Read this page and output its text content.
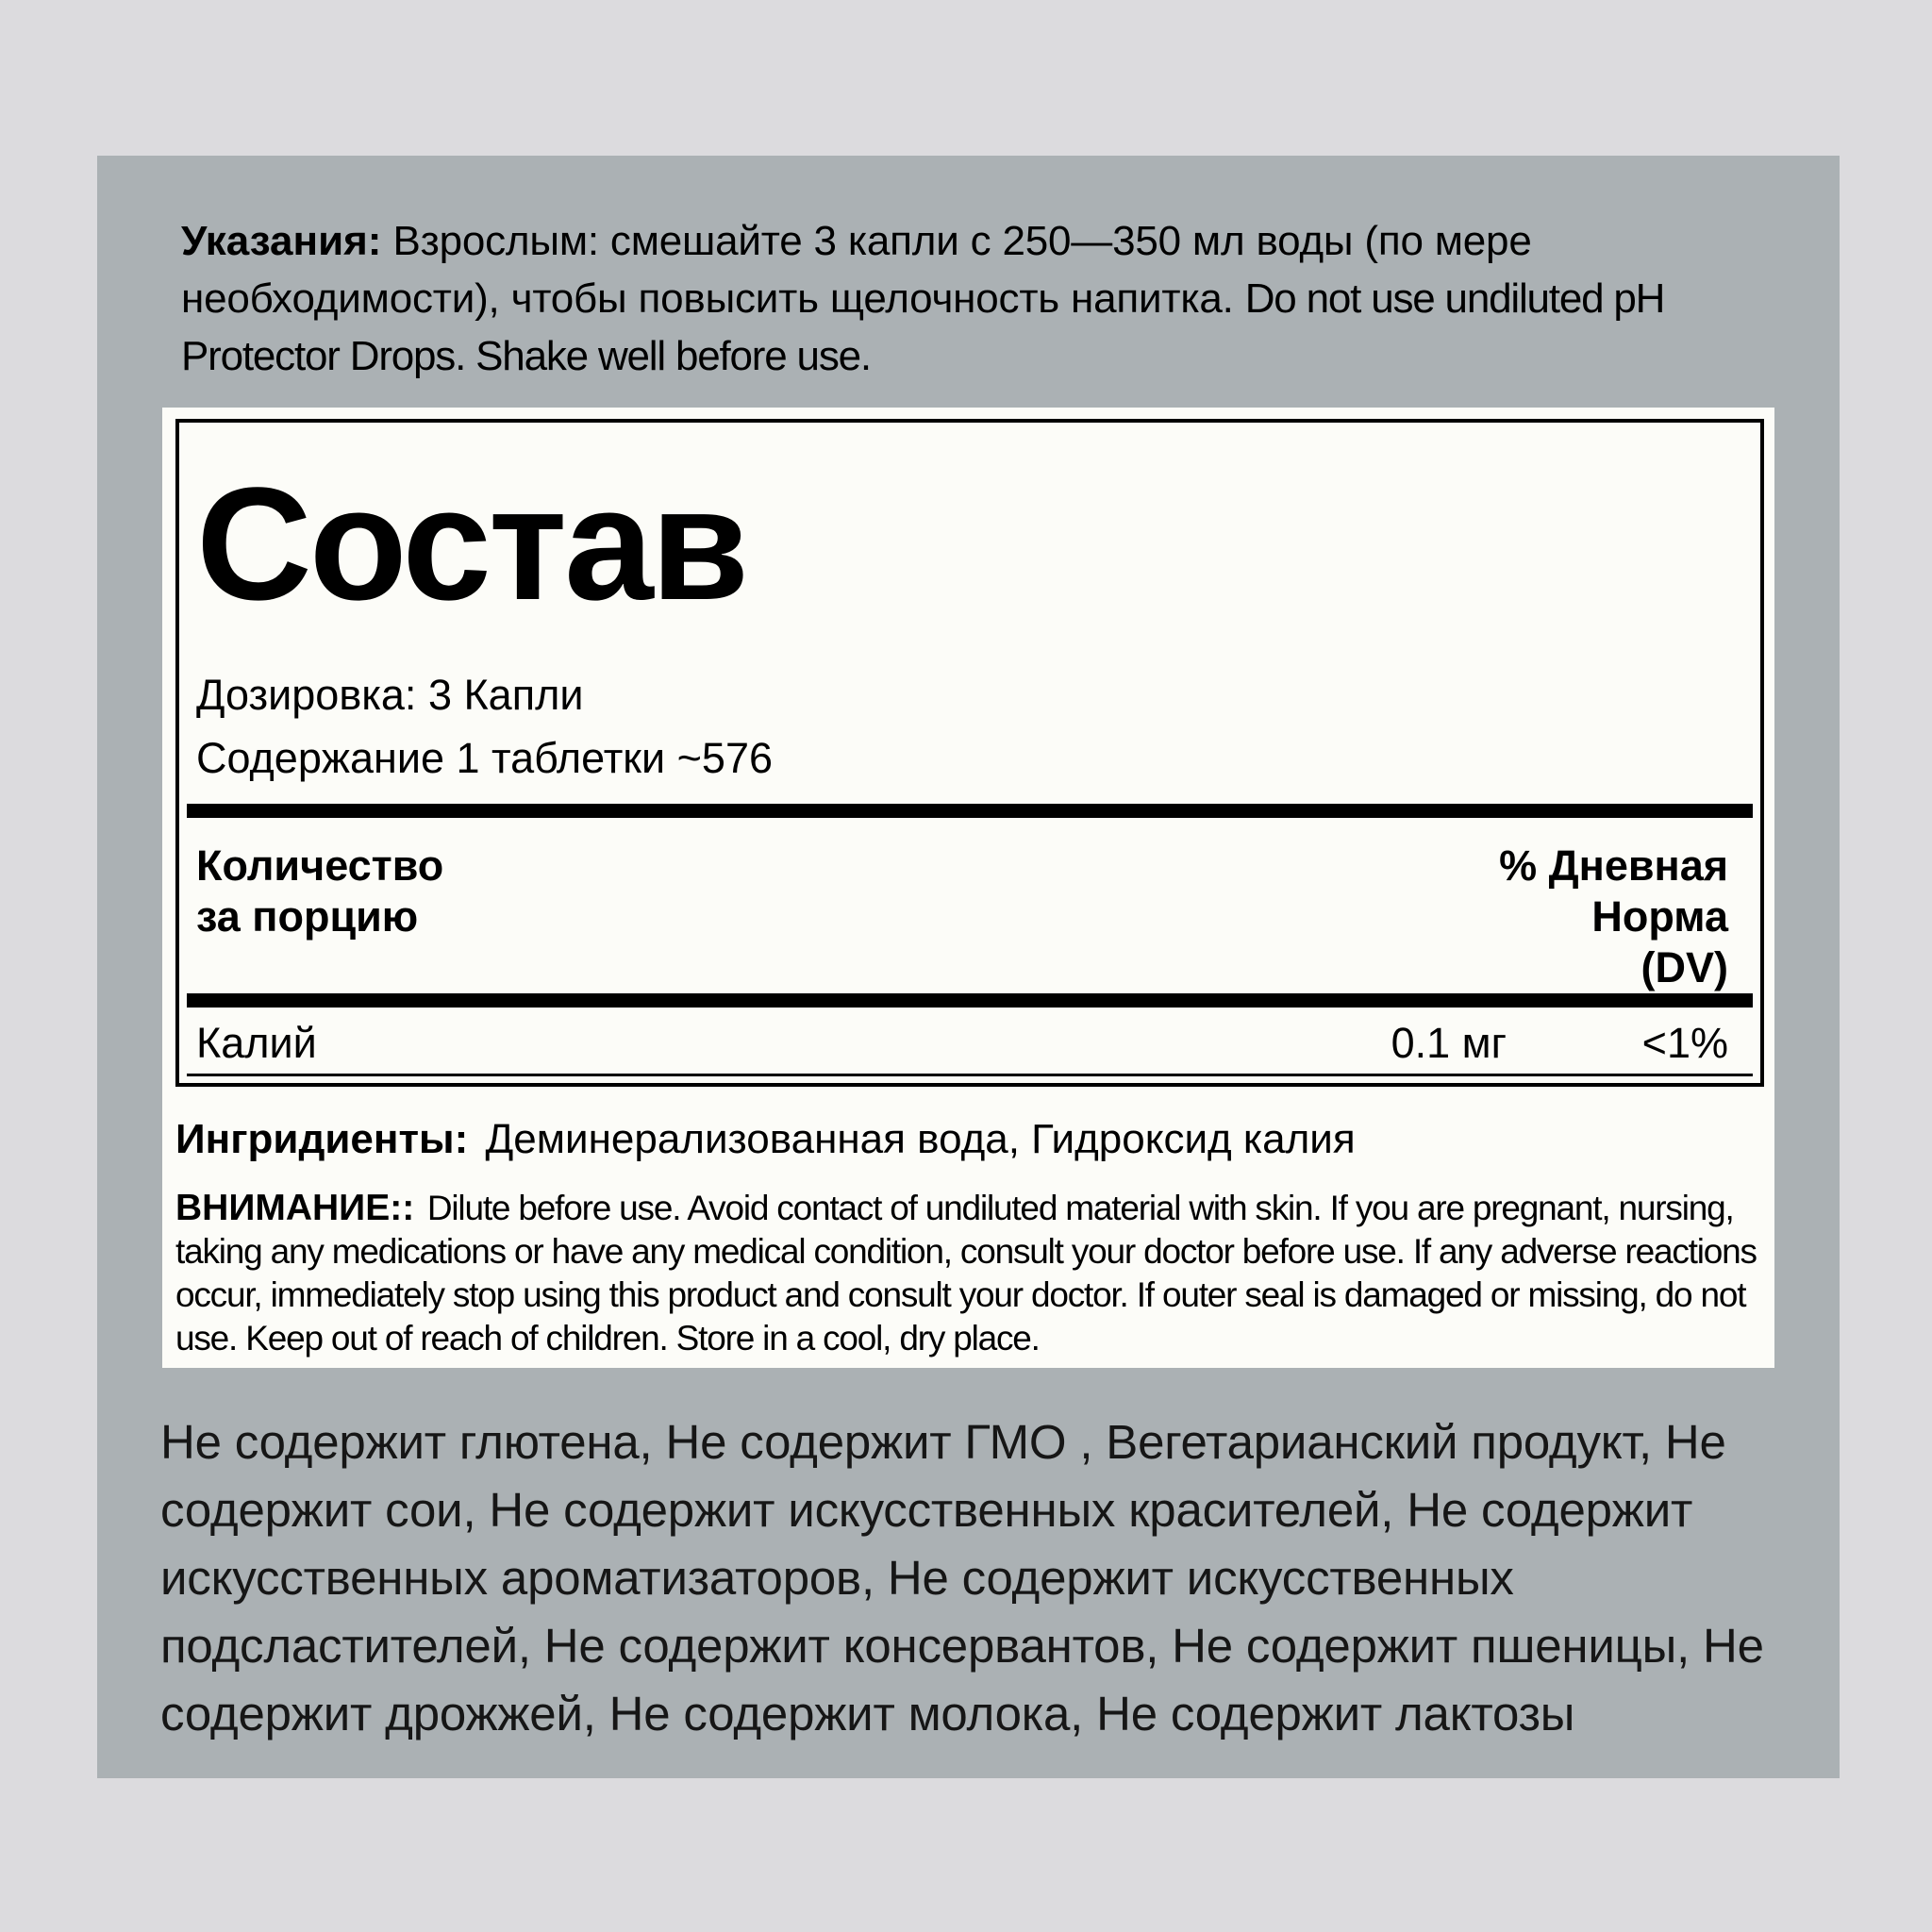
Указания: Взрослым: смешайте 3 капли с 250—350 мл воды (по мере необходимости), чтобы повысить щелочность напитка. Do not use undiluted pH Protector Drops. Shake well before use.

Состав

Дозировка: 3 Капли

Содержание 1 таблетки ~576

Количество
за порцию
% Дневная
Норма
(DV)
Калий	0.1 мг	<1%

Ингридиенты: Деминерализованная вода, Гидроксид калия

ВНИМАНИЕ:: Dilute before use. Avoid contact of undiluted material with skin. If you are pregnant, nursing, taking any medications or have any medical condition, consult your doctor before use. If any adverse reactions occur, immediately stop using this product and consult your doctor. If outer seal is damaged or missing, do not use. Keep out of reach of children. Store in a cool, dry place.

Не содержит глютена, Не содержит ГМО , Вегетарианский продукт, Не содержит сои, Не содержит искусственных красителей, Не содержит искусственных ароматизаторов, Не содержит искусственных подсластителей, Не содержит консервантов, Не содержит пшеницы, Не содержит дрожжей, Не содержит молока, Не содержит лактозы
